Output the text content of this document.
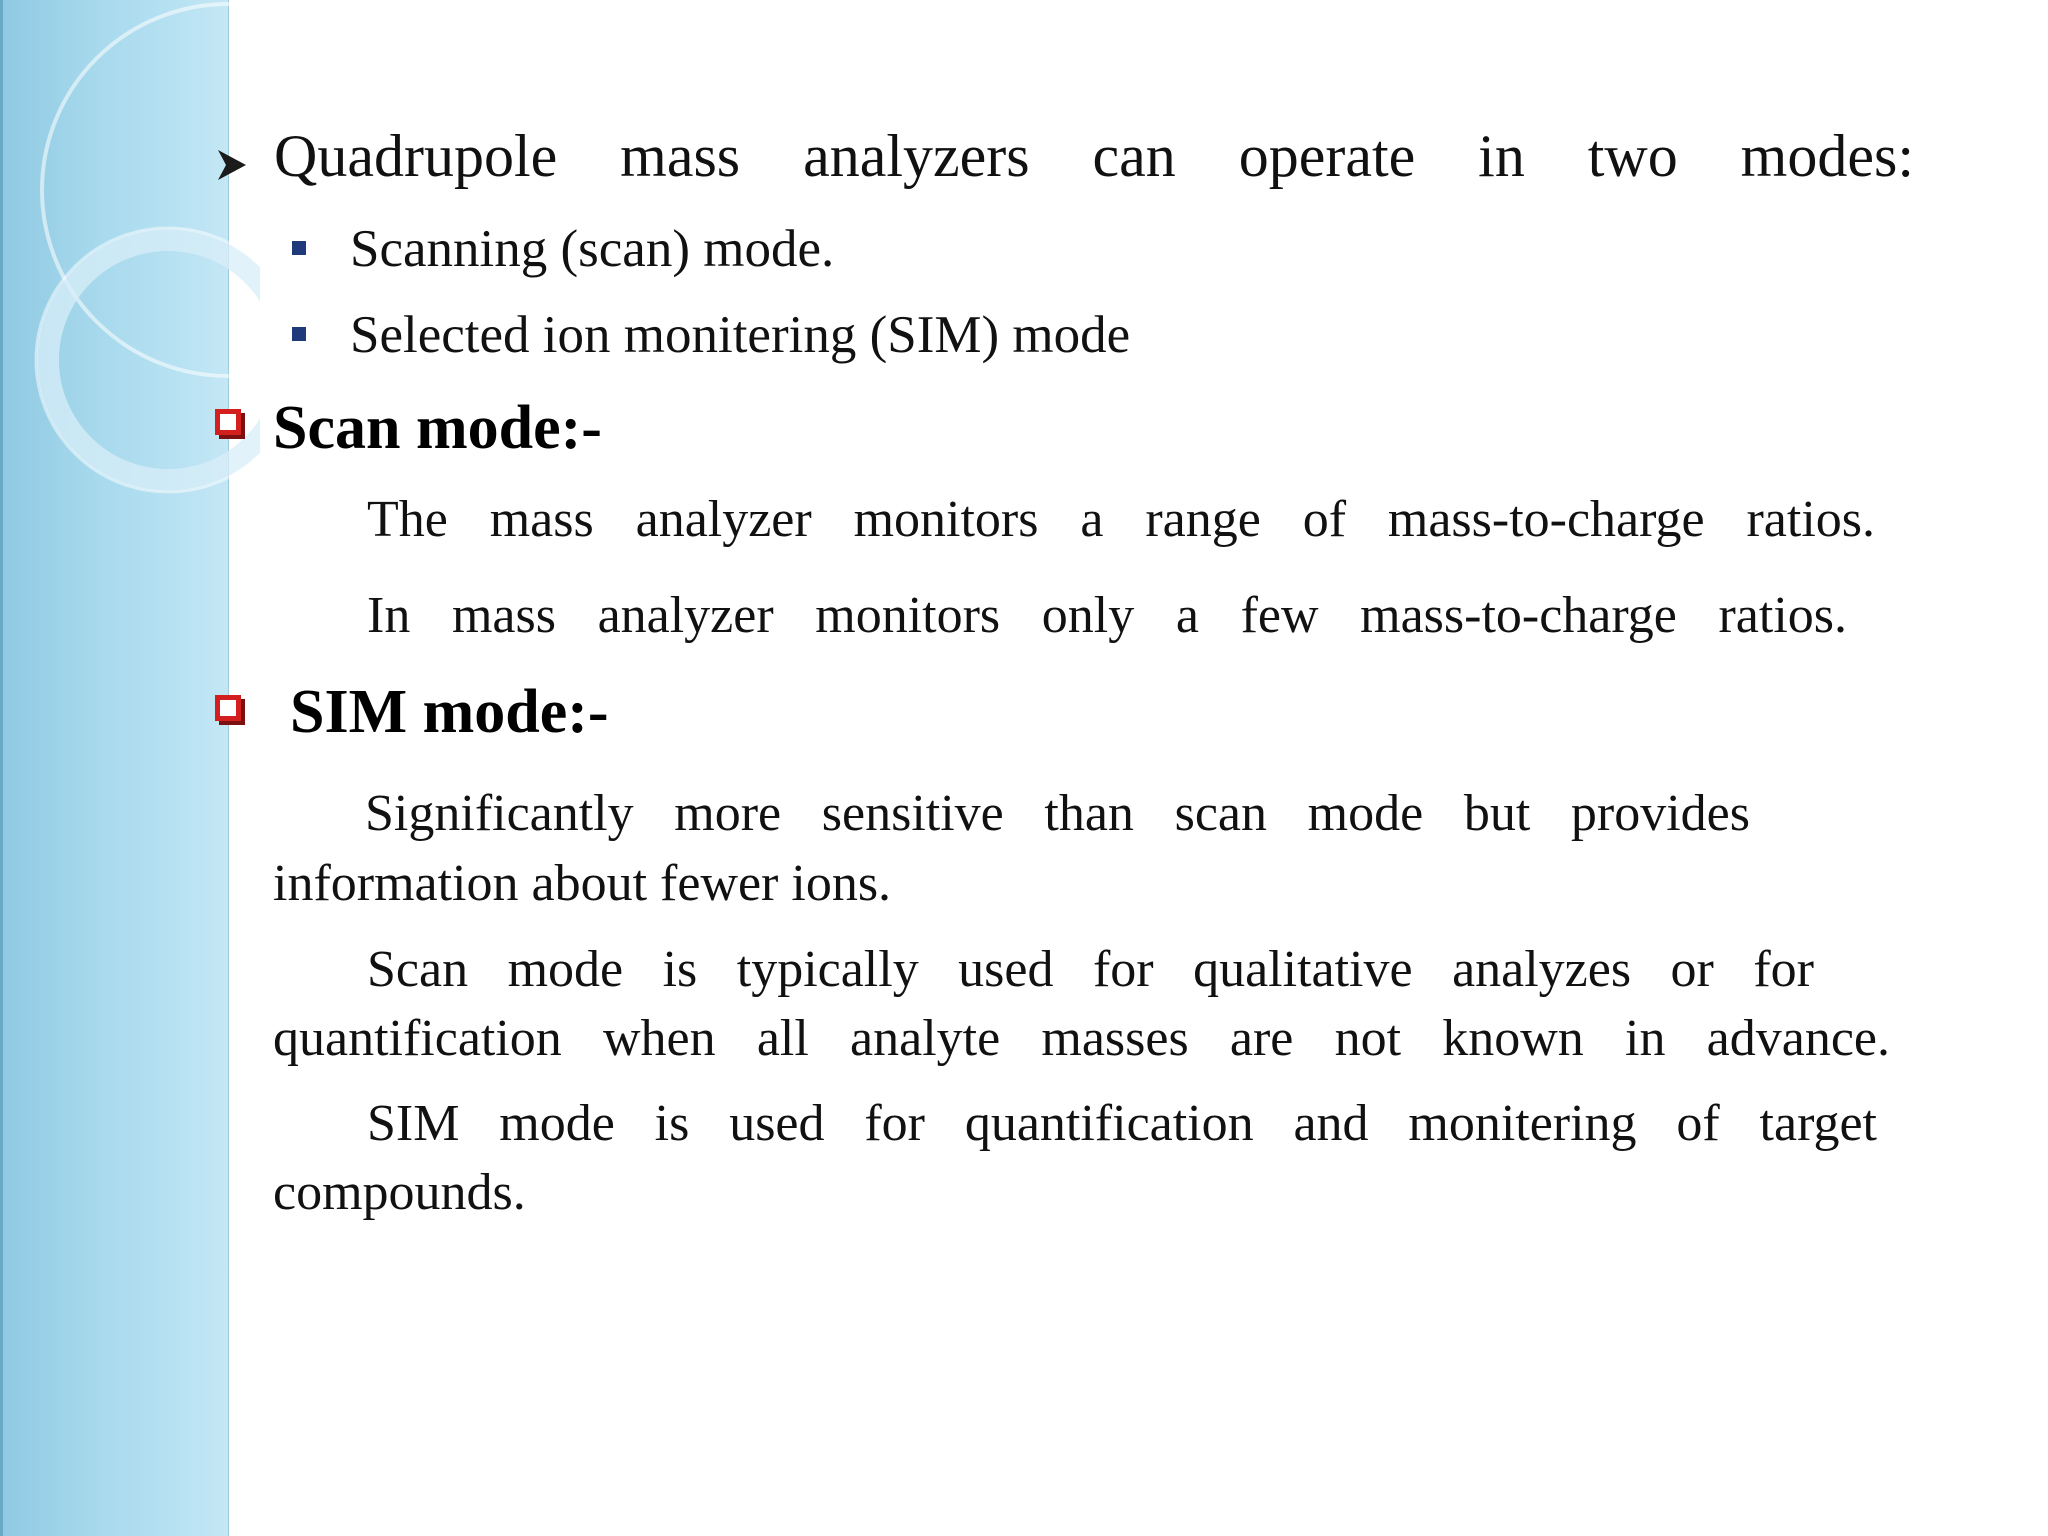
Quadrupole mass analyzers can operate in two modes:
Scanning (scan) mode.
Selected ion monitering (SIM) mode
Scan mode:-
The mass analyzer monitors a range of mass-to-charge ratios.
In mass analyzer monitors only a few mass-to-charge ratios.
SIM mode:-
Significantly more sensitive than scan mode but provides
information about fewer ions.
Scan mode is typically used for qualitative analyzes or for
quantification when all analyte masses are not known in advance.
SIM mode is used for quantification and monitering of target
compounds.
